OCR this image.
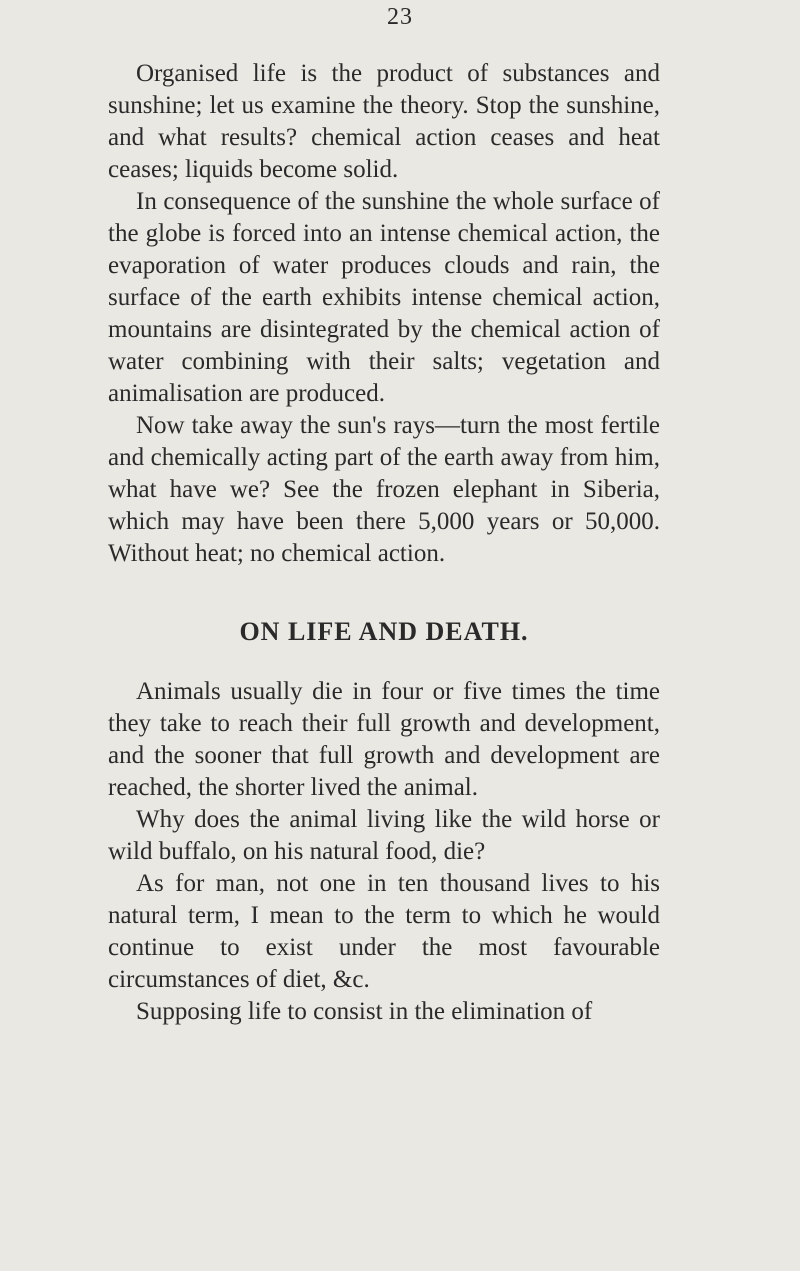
23

Organised life is the product of substances and sunshine; let us examine the theory. Stop the sunshine, and what results? chemical action ceases and heat ceases; liquids become solid.

In consequence of the sunshine the whole surface of the globe is forced into an intense chemical action, the evaporation of water produces clouds and rain, the surface of the earth exhibits intense chemical action, mountains are disintegrated by the chemical action of water combining with their salts; vegetation and animalisation are produced.

Now take away the sun's rays—turn the most fertile and chemically acting part of the earth away from him, what have we? See the frozen elephant in Siberia, which may have been there 5,000 years or 50,000. Without heat; no chemical action.

ON LIFE AND DEATH.

Animals usually die in four or five times the time they take to reach their full growth and development, and the sooner that full growth and development are reached, the shorter lived the animal.

Why does the animal living like the wild horse or wild buffalo, on his natural food, die?

As for man, not one in ten thousand lives to his natural term, I mean to the term to which he would continue to exist under the most favourable circumstances of diet, &c.

Supposing life to consist in the elimination of
